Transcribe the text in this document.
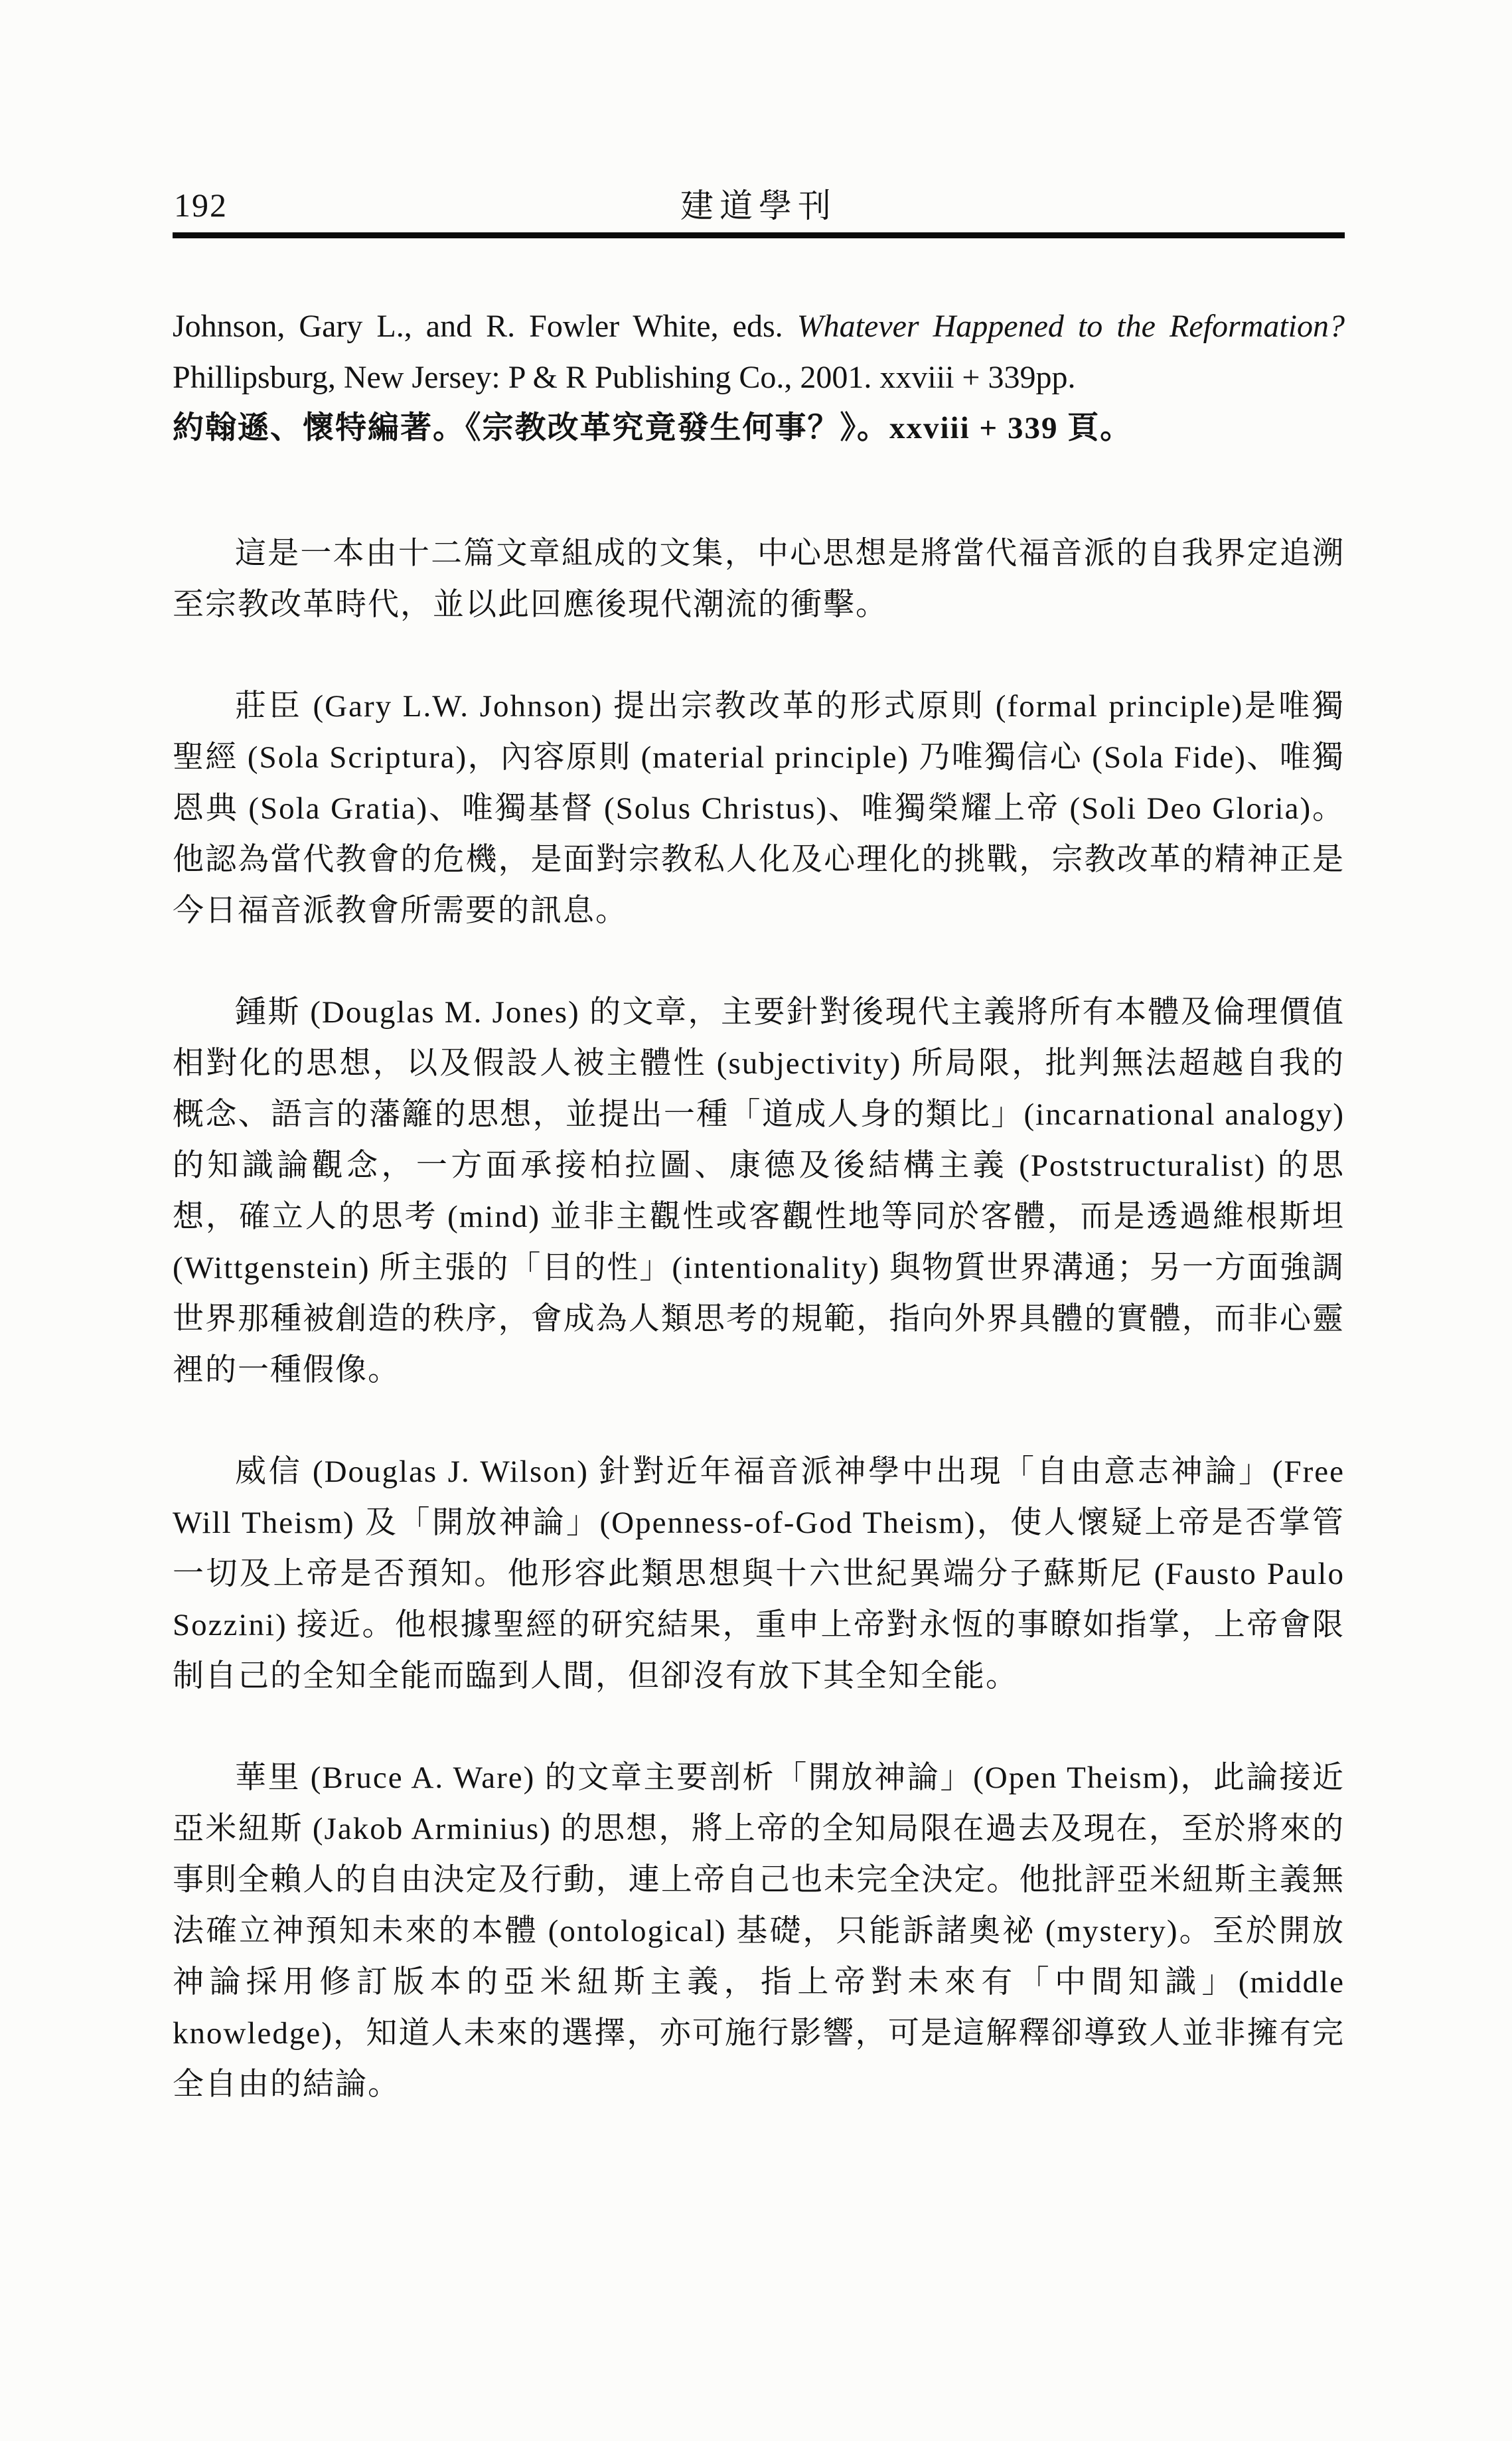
192	建道學刊
Johnson, Gary L., and R. Fowler White, eds. Whatever Happened to the Reformation? Phillipsburg, New Jersey: P & R Publishing Co., 2001. xxviii + 339pp.
約翰遜、懷特編著。《宗教改革究竟發生何事？》。xxviii + 339 頁。

這是一本由十二篇文章組成的文集，中心思想是將當代福音派的自我界定追溯至宗教改革時代，並以此回應後現代潮流的衝擊。

莊臣 (Gary L.W. Johnson) 提出宗教改革的形式原則 (formal principle)是唯獨聖經 (Sola Scriptura)，內容原則 (material principle) 乃唯獨信心 (Sola Fide)、唯獨恩典 (Sola Gratia)、唯獨基督 (Solus Christus)、唯獨榮耀上帝 (Soli Deo Gloria)。他認為當代教會的危機，是面對宗教私人化及心理化的挑戰，宗教改革的精神正是今日福音派教會所需要的訊息。

鍾斯 (Douglas M. Jones) 的文章，主要針對後現代主義將所有本體及倫理價值相對化的思想，以及假設人被主體性 (subjectivity) 所局限，批判無法超越自我的概念、語言的藩籬的思想，並提出一種「道成人身的類比」(incarnational analogy) 的知識論觀念，一方面承接柏拉圖、康德及後結構主義 (Poststructuralist) 的思想，確立人的思考 (mind) 並非主觀性或客觀性地等同於客體，而是透過維根斯坦 (Wittgenstein) 所主張的「目的性」(intentionality) 與物質世界溝通；另一方面強調世界那種被創造的秩序，會成為人類思考的規範，指向外界具體的實體，而非心靈裡的一種假像。

威信 (Douglas J. Wilson) 針對近年福音派神學中出現「自由意志神論」(Free Will Theism) 及「開放神論」(Openness-of-God Theism)，使人懷疑上帝是否掌管一切及上帝是否預知。他形容此類思想與十六世紀異端分子蘇斯尼 (Fausto Paulo Sozzini) 接近。他根據聖經的研究結果，重申上帝對永恆的事瞭如指掌，上帝會限制自己的全知全能而臨到人間，但卻沒有放下其全知全能。

華里 (Bruce A. Ware) 的文章主要剖析「開放神論」(Open Theism)，此論接近亞米紐斯 (Jakob Arminius) 的思想，將上帝的全知局限在過去及現在，至於將來的事則全賴人的自由決定及行動，連上帝自己也未完全決定。他批評亞米紐斯主義無法確立神預知未來的本體 (ontological) 基礎，只能訴諸奧祕 (mystery)。至於開放神論採用修訂版本的亞米紐斯主義，指上帝對未來有「中間知識」(middle knowledge)，知道人未來的選擇，亦可施行影響，可是這解釋卻導致人並非擁有完全自由的結論。
